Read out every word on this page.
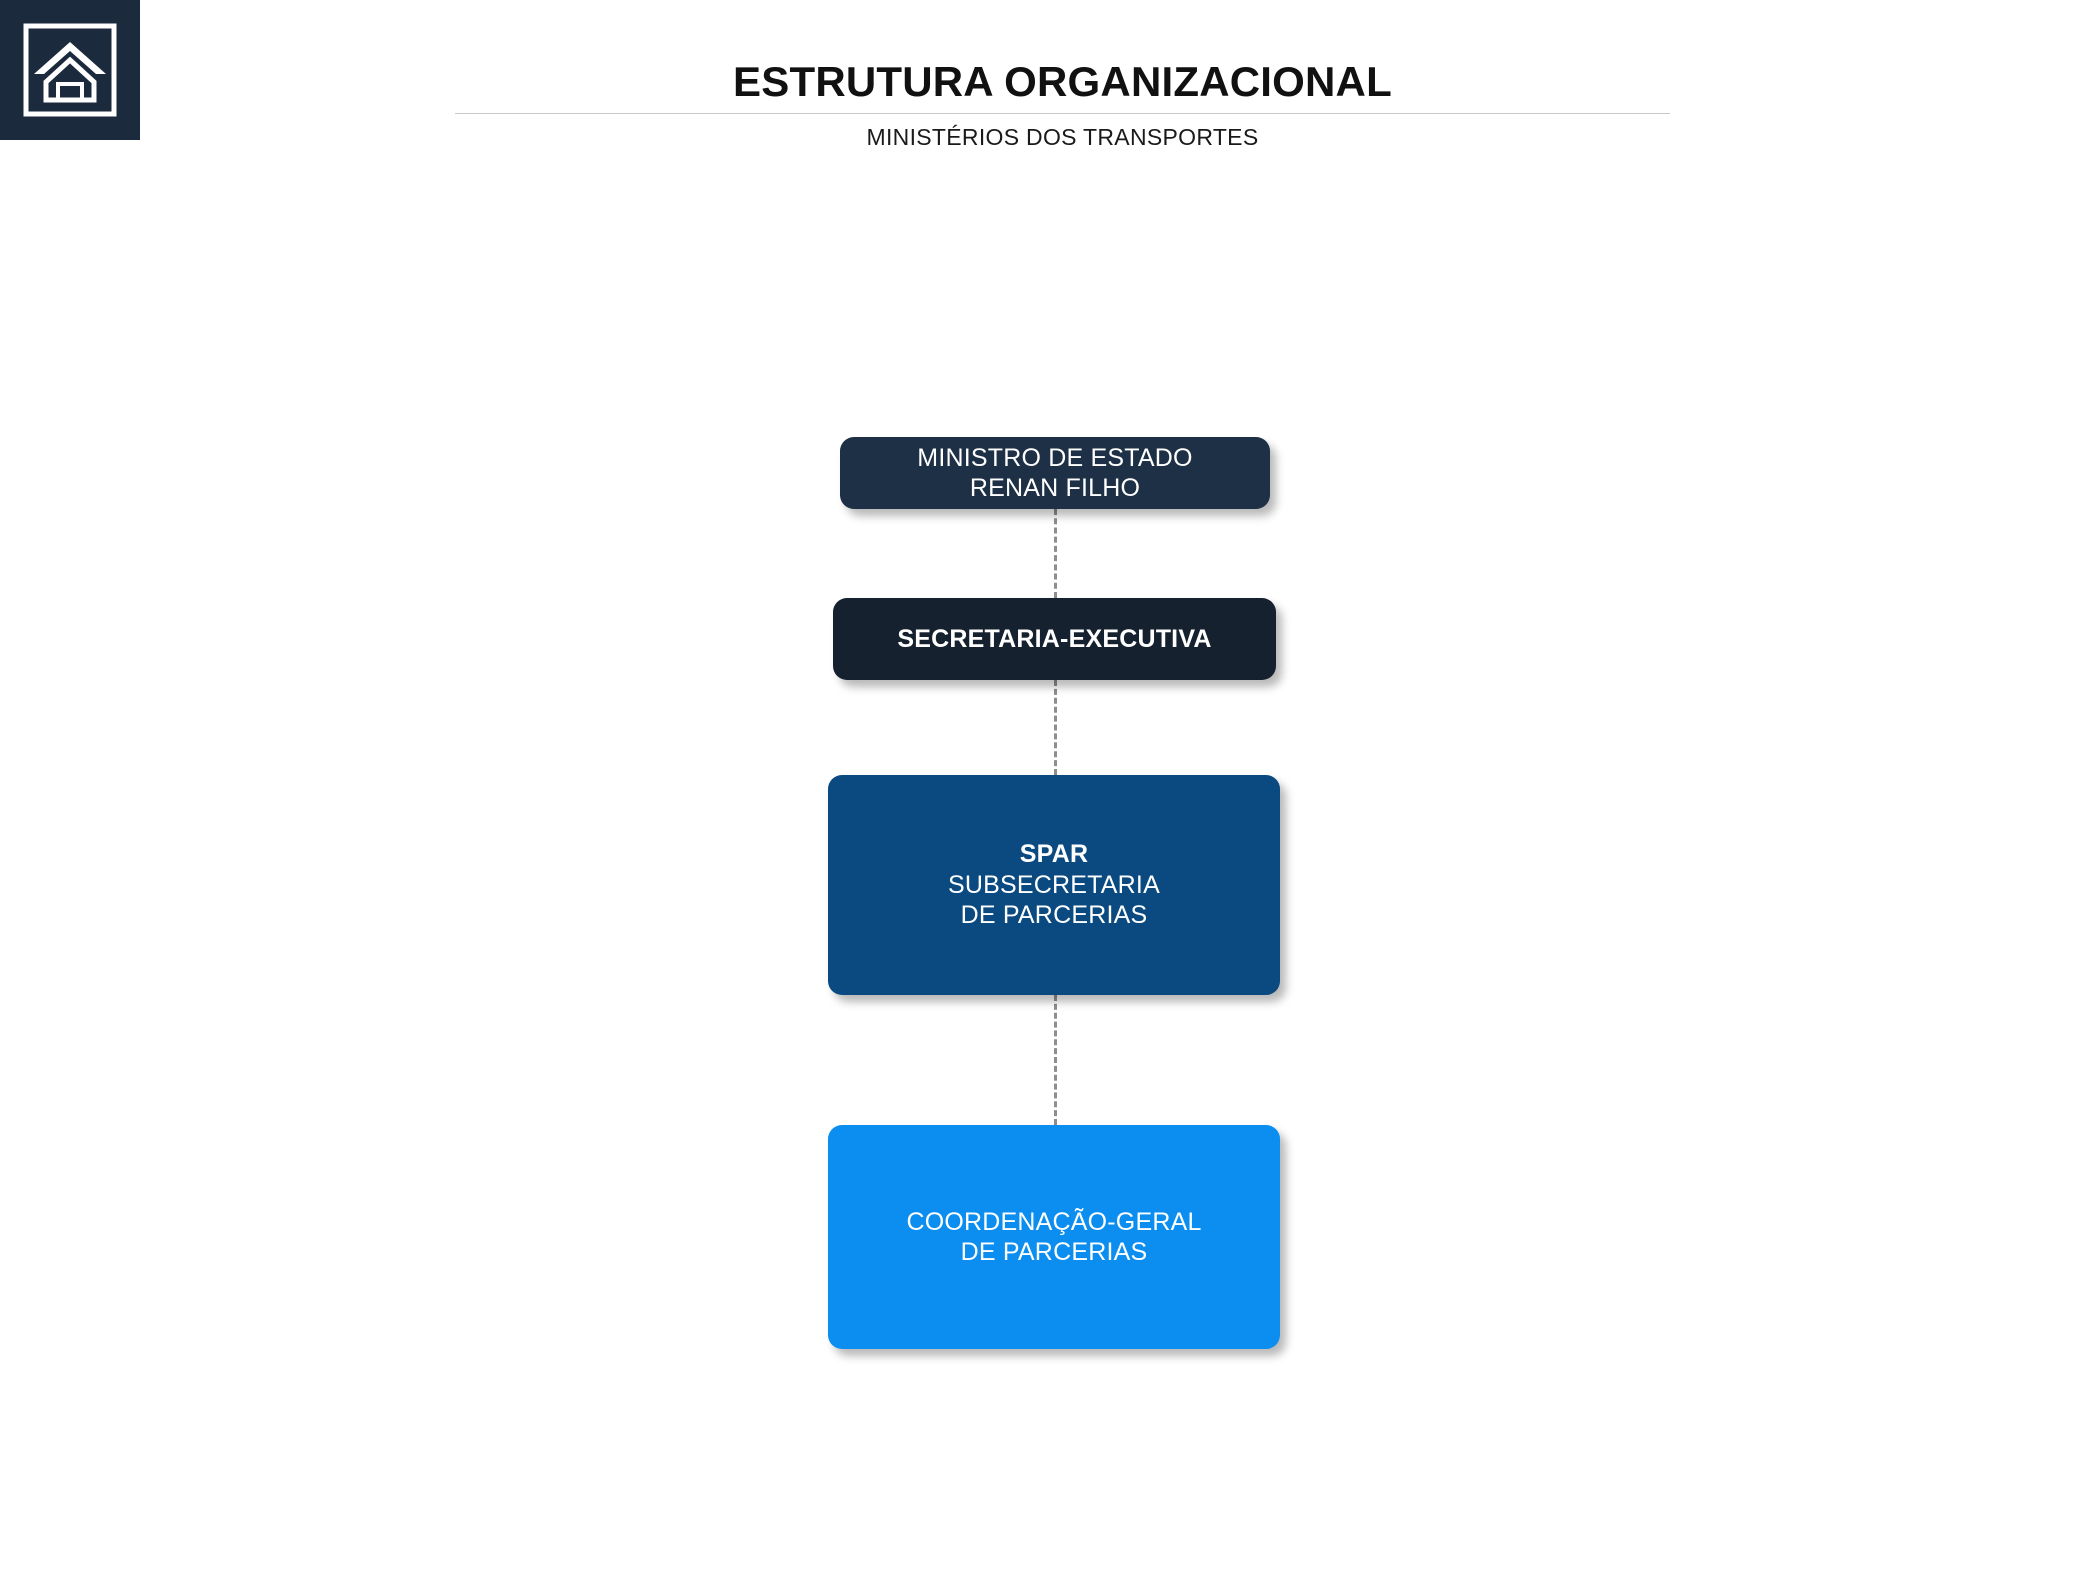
ESTRUTURA ORGANIZACIONAL
MINISTÉRIOS DOS TRANSPORTES
MINISTRO DE ESTADO
RENAN FILHO
SECRETARIA-EXECUTIVA
SPAR
SUBSECRETARIA
DE PARCERIAS
COORDENAÇÃO-GERAL
DE PARCERIAS
